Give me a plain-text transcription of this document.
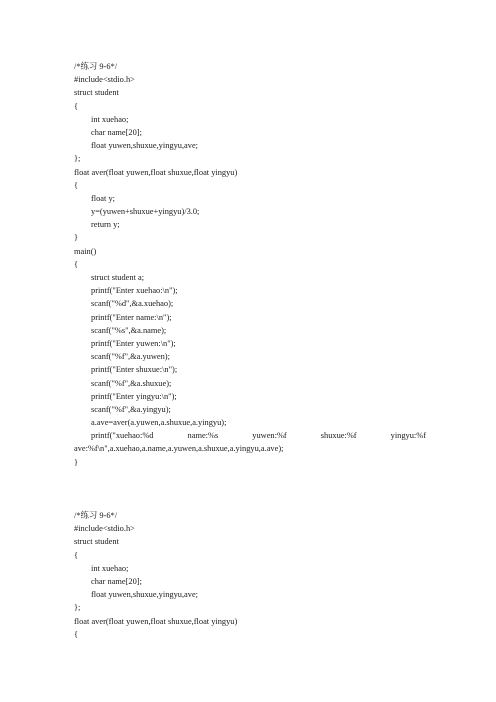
/*练习 9-6*/
#include<stdio.h>
struct student
{
int xuehao;
char name[20];
float yuwen,shuxue,yingyu,ave;
};
float aver(float yuwen,float shuxue,float yingyu)
{
float y;
y=(yuwen+shuxue+yingyu)/3.0;
return y;
}
main()
{
struct student a;
printf("Enter xuehao:\n");
scanf("%d",&a.xuehao);
printf("Enter name:\n");
scanf("%s",&a.name);
printf("Enter yuwen:\n");
scanf("%f",&a.yuwen);
printf("Enter shuxue:\n");
scanf("%f",&a.shuxue);
printf("Enter yingyu:\n");
scanf("%f",&a.yingyu);
a.ave=aver(a.yuwen,a.shuxue,a.yingyu);
printf("xuehao:%d	name:%s	yuwen:%f	shuxue:%f	yingyu:%f
ave:%f\n",a.xuehao,a.name,a.yuwen,a.shuxue,a.yingyu,a.ave);
}
/*练习 9-6*/
#include<stdio.h>
struct student
{
int xuehao;
char name[20];
float yuwen,shuxue,yingyu,ave;
};
float aver(float yuwen,float shuxue,float yingyu)
{
